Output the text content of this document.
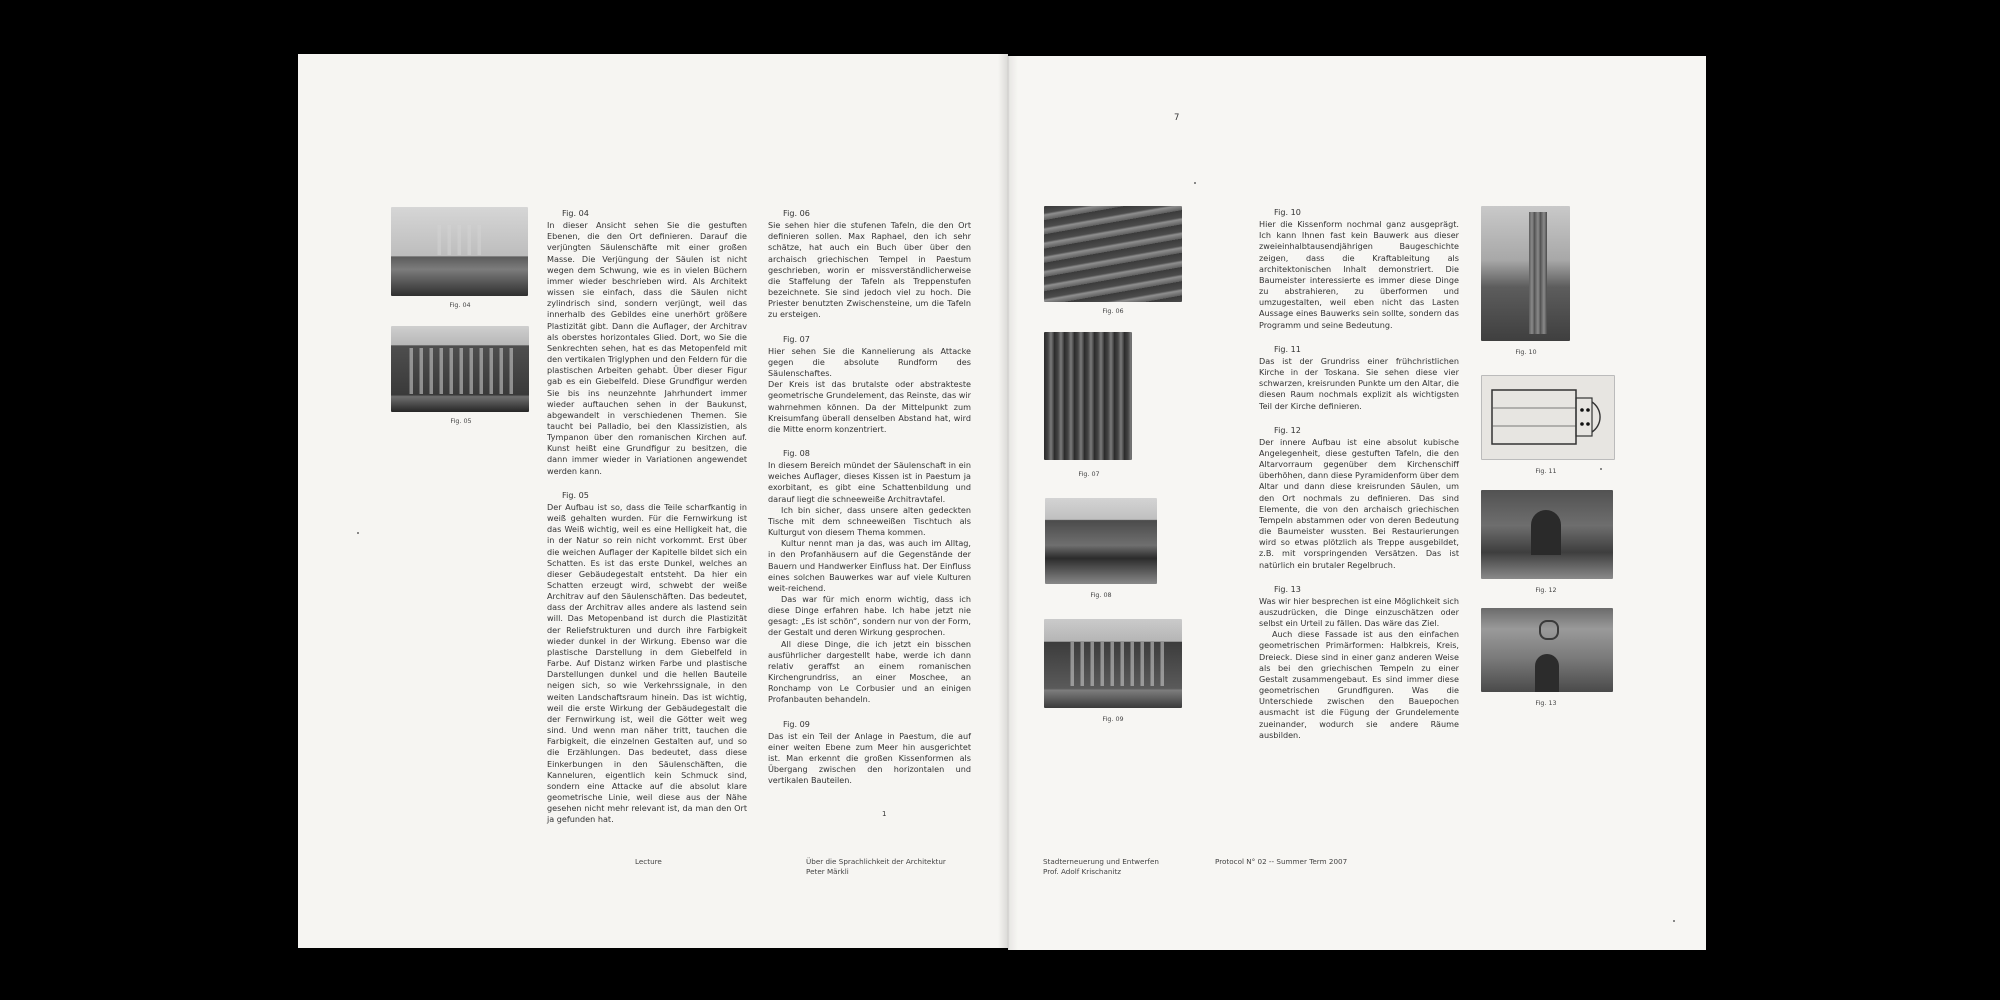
Fig. 04
Fig. 05
Fig. 04

In dieser Ansicht sehen Sie die gestuften Ebenen, die den Ort definieren. Darauf die verjüngten Säulenschäfte mit einer großen Masse. Die Verjüngung der Säulen ist nicht wegen dem Schwung, wie es in vielen Büchern immer wieder beschrieben wird. Als Architekt wissen sie einfach, dass die Säulen nicht zylindrisch sind, sondern verjüngt, weil das innerhalb des Gebildes eine unerhört größere Plastizität gibt. Dann die Auflager, der Architrav als oberstes horizontales Glied. Dort, wo Sie die Senkrechten sehen, hat es das Metopenfeld mit den vertikalen Triglyphen und den Feldern für die plastischen Arbeiten gehabt. Über dieser Figur gab es ein Giebelfeld. Diese Grundfigur werden Sie bis ins neunzehnte Jahrhundert immer wieder auftauchen sehen in der Baukunst, abgewandelt in verschiedenen Themen. Sie taucht bei Palladio, bei den Klassizistien, als Tympanon über den romanischen Kirchen auf. Kunst heißt eine Grundfigur zu besitzen, die dann immer wieder in Variationen angewendet werden kann.

Fig. 05

Der Aufbau ist so, dass die Teile scharfkantig in weiß gehalten wurden. Für die Fernwirkung ist das Weiß wichtig, weil es eine Helligkeit hat, die in der Natur so rein nicht vorkommt. Erst über die weichen Auflager der Kapitelle bildet sich ein Schatten. Es ist das erste Dunkel, welches an dieser Gebäudegestalt entsteht. Da hier ein Schatten erzeugt wird, schwebt der weiße Architrav auf den Säulenschäften. Das bedeutet, dass der Architrav alles andere als lastend sein will. Das Metopenband ist durch die Plastizität der Reliefstrukturen und durch ihre Farbigkeit wieder dunkel in der Wirkung. Ebenso war die plastische Darstellung in dem Giebelfeld in Farbe. Auf Distanz wirken Farbe und plastische Darstellungen dunkel und die hellen Bauteile neigen sich, so wie Verkehrssignale, in den weiten Landschaftsraum hinein. Das ist wichtig, weil die erste Wirkung der Gebäudegestalt die der Fernwirkung ist, weil die Götter weit weg sind. Und wenn man näher tritt, tauchen die Farbigkeit, die einzelnen Gestalten auf, und so die Erzählungen. Das bedeutet, dass diese Einkerbungen in den Säulenschäften, die Kanneluren, eigentlich kein Schmuck sind, sondern eine Attacke auf die absolut klare geometrische Linie, weil diese aus der Nähe gesehen nicht mehr relevant ist, da man den Ort ja gefunden hat.

Fig. 06

Sie sehen hier die stufenen Tafeln, die den Ort definieren sollen. Max Raphael, den ich sehr schätze, hat auch ein Buch über über den archaisch griechischen Tempel in Paestum geschrieben, worin er missverständlicherweise die Staffelung der Tafeln als Treppenstufen bezeichnete. Sie sind jedoch viel zu hoch. Die Priester benutzten Zwischensteine, um die Tafeln zu ersteigen.

Fig. 07

Hier sehen Sie die Kannelierung als Attacke gegen die absolute Rundform des Säulenschaftes.

Der Kreis ist das brutalste oder abstrakteste geometrische Grundelement, das Reinste, das wir wahrnehmen können. Da der Mittelpunkt zum Kreisumfang überall denselben Abstand hat, wird die Mitte enorm konzentriert.

Fig. 08

In diesem Bereich mündet der Säulenschaft in ein weiches Auflager, dieses Kissen ist in Paestum ja exorbitant, es gibt eine Schattenbildung und darauf liegt die schneeweiße Architravtafel.

Ich bin sicher, dass unsere alten gedeckten Tische mit dem schneeweißen Tischtuch als Kulturgut von diesem Thema kommen.

Kultur nennt man ja das, was auch im Alltag, in den Profanhäusern auf die Gegenstände der Bauern und Handwerker Einfluss hat. Der Einfluss eines solchen Bauwerkes war auf viele Kulturen weit-reichend.

Das war für mich enorm wichtig, dass ich diese Dinge erfahren habe. Ich habe jetzt nie gesagt: „Es ist schön“, sondern nur von der Form, der Gestalt und deren Wirkung gesprochen.

All diese Dinge, die ich jetzt ein bisschen ausführlicher dargestellt habe, werde ich dann relativ geraffst an einem romanischen Kirchengrundriss, an einer Moschee, an Ronchamp von Le Corbusier und an einigen Profanbauten behandeln.

Fig. 09

Das ist ein Teil der Anlage in Paestum, die auf einer weiten Ebene zum Meer hin ausgerichtet ist. Man erkennt die großen Kissenformen als Übergang zwischen den horizontalen und vertikalen Bauteilen.

1
Lecture	Über die Sprachlichkeit der Architektur
Peter Märkli
7
Fig. 06
Fig. 07
Fig. 08
Fig. 09
Fig. 10

Hier die Kissenform nochmal ganz ausgeprägt. Ich kann Ihnen fast kein Bauwerk aus dieser zweieinhalbtausendjährigen Baugeschichte zeigen, dass die Kraftableitung als architektonischen Inhalt demonstriert. Die Baumeister interessierte es immer diese Dinge zu abstrahieren, zu überformen und umzugestalten, weil eben nicht das Lasten Aussage eines Bauwerks sein sollte, sondern das Programm und seine Bedeutung.

Fig. 11

Das ist der Grundriss einer frühchristlichen Kirche in der Toskana. Sie sehen diese vier schwarzen, kreisrunden Punkte um den Altar, die diesen Raum nochmals explizit als wichtigsten Teil der Kirche definieren.

Fig. 12

Der innere Aufbau ist eine absolut kubische Angelegenheit, diese gestuften Tafeln, die den Altarvorraum gegenüber dem Kirchenschiff überhöhen, dann diese Pyramidenform über dem Altar und dann diese kreisrunden Säulen, um den Ort nochmals zu definieren. Das sind Elemente, die von den archaisch griechischen Tempeln abstammen oder von deren Bedeutung die Baumeister wussten. Bei Restaurierungen wird so etwas plötzlich als Treppe ausgebildet, z.B. mit vorspringenden Versätzen. Das ist natürlich ein brutaler Regelbruch.

Fig. 13

Was wir hier besprechen ist eine Möglichkeit sich auszudrücken, die Dinge einzuschätzen oder selbst ein Urteil zu fällen. Das wäre das Ziel.

Auch diese Fassade ist aus den einfachen geometrischen Primärformen: Halbkreis, Kreis, Dreieck. Diese sind in einer ganz anderen Weise als bei den griechischen Tempeln zu einer Gestalt zusammengebaut. Es sind immer diese geometrischen Grundfiguren. Was die Unterschiede zwischen den Bauepochen ausmacht ist die Fügung der Grundelemente zueinander, wodurch sie andere Räume ausbilden.

Fig. 10
Fig. 11
Fig. 12
Fig. 13
Stadterneuerung und Entwerfen
Prof. Adolf Krischanitz
Protocol N° 02 -- Summer Term 2007
